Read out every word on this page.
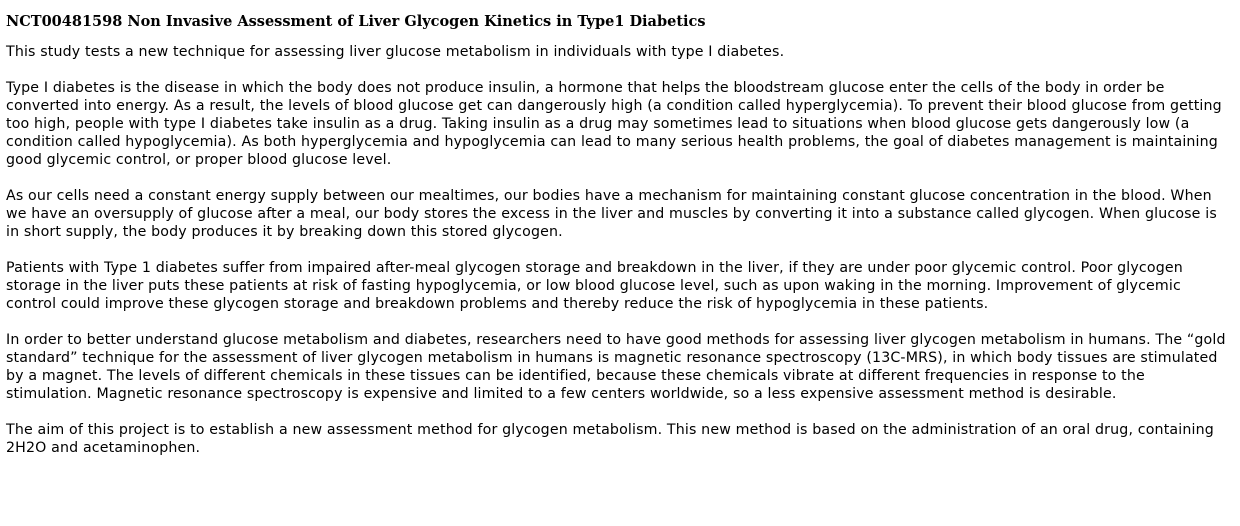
NCT00481598 Non Invasive Assessment of Liver Glycogen Kinetics in Type1 Diabetics

This study tests a new technique for assessing liver glucose metabolism in individuals with type I diabetes.

Type I diabetes is the disease in which the body does not produce insulin, a hormone that helps the bloodstream glucose enter the cells of the body in order be converted into energy. As a result, the levels of blood glucose get can dangerously high (a condition called hyperglycemia). To prevent their blood glucose from getting too high, people with type I diabetes take insulin as a drug. Taking insulin as a drug may sometimes lead to situations when blood glucose gets dangerously low (a condition called hypoglycemia). As both hyperglycemia and hypoglycemia can lead to many serious health problems, the goal of diabetes management is maintaining good glycemic control, or proper blood glucose level.

As our cells need a constant energy supply between our mealtimes, our bodies have a mechanism for maintaining constant glucose concentration in the blood. When we have an oversupply of glucose after a meal, our body stores the excess in the liver and muscles by converting it into a substance called glycogen. When glucose is in short supply, the body produces it by breaking down this stored glycogen.

Patients with Type 1 diabetes suffer from impaired after-meal glycogen storage and breakdown in the liver, if they are under poor glycemic control. Poor glycogen storage in the liver puts these patients at risk of fasting hypoglycemia, or low blood glucose level, such as upon waking in the morning. Improvement of glycemic control could improve these glycogen storage and breakdown problems and thereby reduce the risk of hypoglycemia in these patients.

In order to better understand glucose metabolism and diabetes, researchers need to have good methods for assessing liver glycogen metabolism in humans. The “gold standard” technique for the assessment of liver glycogen metabolism in humans is magnetic resonance spectroscopy (13C-MRS), in which body tissues are stimulated by a magnet. The levels of different chemicals in these tissues can be identified, because these chemicals vibrate at different frequencies in response to the stimulation. Magnetic resonance spectroscopy is expensive and limited to a few centers worldwide, so a less expensive assessment method is desirable.

The aim of this project is to establish a new assessment method for glycogen metabolism. This new method is based on the administration of an oral drug, containing 2H2O and acetaminophen.
